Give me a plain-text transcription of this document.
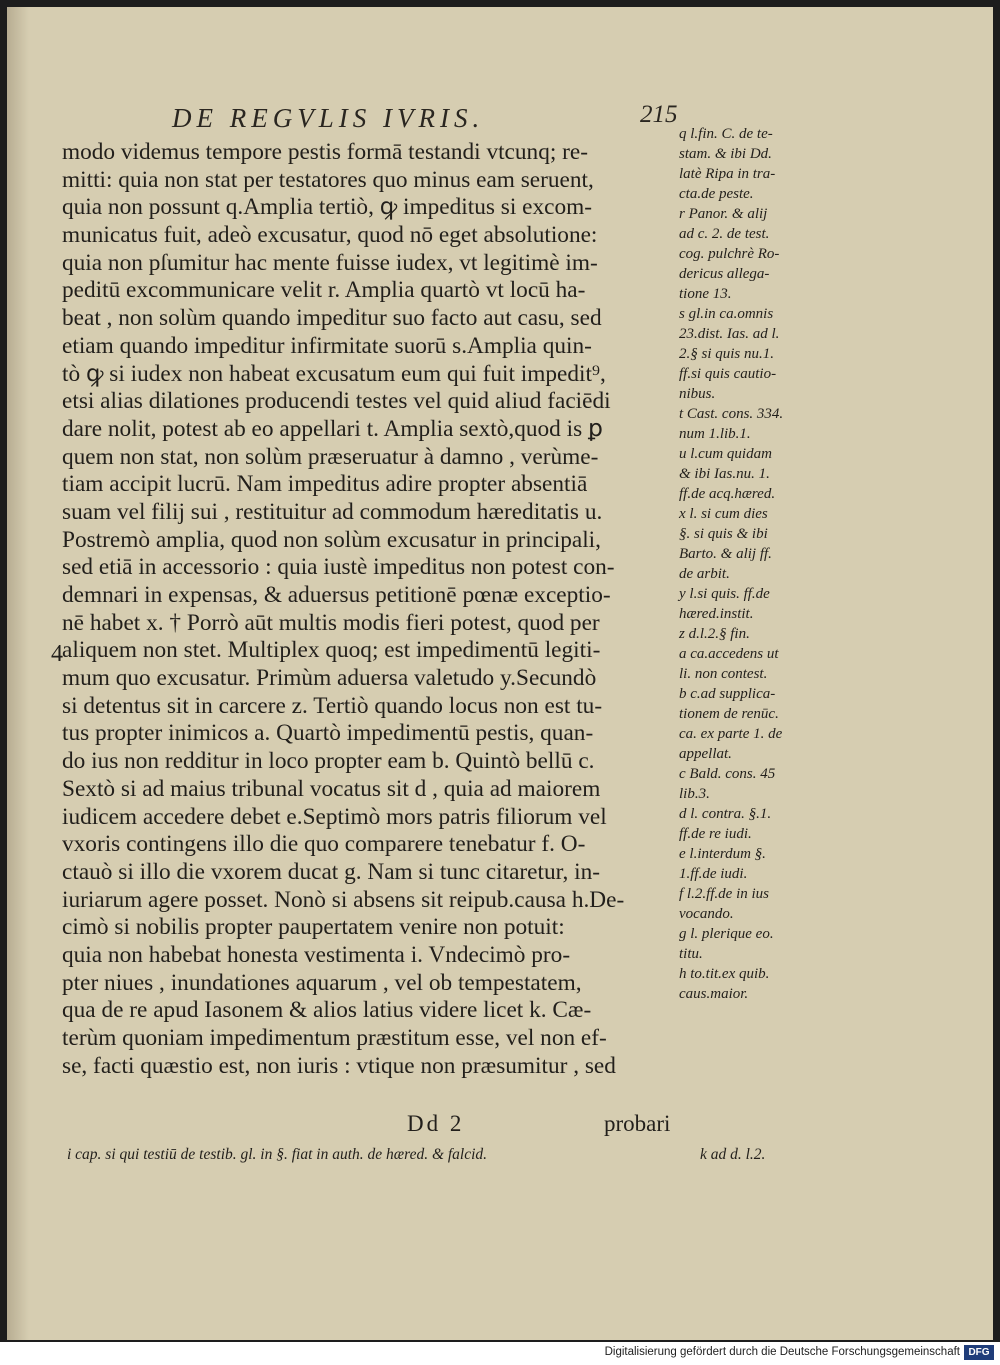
DE REGVLIS IVRIS.	215
4
modo videmus tempore pestis formā testandi vtcunq; re-
mitti: quia non stat per testatores quo minus eam seruent,
quia non possunt q.Amplia tertiò, ꝙ impeditus si excom-
municatus fuit, adeò excusatur, quod nō eget absolutione:
quia non pſumitur hac mente fuisse iudex, vt legitimè im-
peditū excommunicare velit r. Amplia quartò vt locū ha-
beat , non solùm quando impeditur suo facto aut casu, sed
etiam quando impeditur infirmitate suorū s.Amplia quin-
tò ꝙ si iudex non habeat excusatum eum qui fuit impedit⁹,
etsi alias dilationes producendi testes vel quid aliud faciēdi
dare nolit, potest ab eo appellari t. Amplia sextò,quod is ꝑ
quem non stat, non solùm præseruatur à damno , verùme-
tiam accipit lucrū. Nam impeditus adire propter absentiā
suam vel filij sui , restituitur ad commodum hæreditatis u.
Postremò amplia, quod non solùm excusatur in principali,
sed etiā in accessorio : quia iustè impeditus non potest con-
demnari in expensas, & aduersus petitionē pœnæ exceptio-
nē habet x. † Porrò aūt multis modis fieri potest, quod per
aliquem non stet. Multiplex quoq; est impedimentū legiti-
mum quo excusatur. Primùm aduersa valetudo y.Secundò
si detentus sit in carcere z. Tertiò quando locus non est tu-
tus propter inimicos a. Quartò impedimentū pestis, quan-
do ius non redditur in loco propter eam b. Quintò bellū c.
Sextò si ad maius tribunal vocatus sit d , quia ad maiorem
iudicem accedere debet e.Septimò mors patris filiorum vel
vxoris contingens illo die quo comparere tenebatur f. O-
ctauò si illo die vxorem ducat g. Nam si tunc citaretur, in-
iuriarum agere posset. Nonò si absens sit reipub.causa h.De-
cimò si nobilis propter paupertatem venire non potuit:
quia non habebat honesta vestimenta i. Vndecimò pro-
pter niues , inundationes aquarum , vel ob tempestatem,
qua de re apud Iasonem & alios latius videre licet k. Cæ-
terùm quoniam impedimentum præstitum esse, vel non ef-
se, facti quæstio est, non iuris : vtique non præsumitur , sed
q l.fin. C. de te-
stam. & ibi Dd.
latè Ripa in tra-
cta.de peste.
r Panor. & alij
ad c. 2. de test.
cog. pulchrè Ro-
dericus allega-
tione 13.
s gl.in ca.omnis
23.dist. Ias. ad l.
2.§ si quis nu.1.
ff.si quis cautio-
nibus.
t Cast. cons. 334.
num 1.lib.1.
u l.cum quidam
& ibi Ias.nu. 1.
ff.de acq.hæred.
x l. si cum dies
§. si quis & ibi
Barto. & alij ff.
de arbit.
y l.si quis. ff.de
hæred.instit.
z d.l.2.§ fin.
a ca.accedens ut
li. non contest.
b c.ad supplica-
tionem de renūc.
ca. ex parte 1. de
appellat.
c Bald. cons. 45
lib.3.
d l. contra. §.1.
ff.de re iudi.
e l.interdum §.
1.ff.de iudi.
f l.2.ff.de in ius
vocando.
g l. plerique eo.
titu.
h to.tit.ex quib.
caus.maior.
Dd 2	probari
i cap. si qui testiū de testib. gl. in §. fiat in auth. de hæred. & falcid.	k ad d. l.2.
Digitalisierung gefördert durch die Deutsche Forschungsgemeinschaft DFG
